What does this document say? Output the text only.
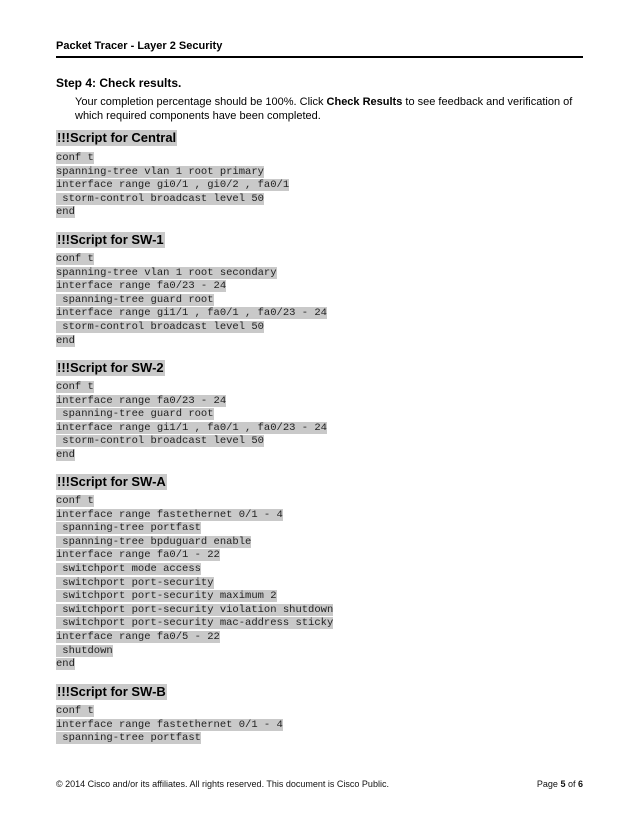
Packet Tracer - Layer 2 Security
Step 4: Check results.
Your completion percentage should be 100%. Click Check Results to see feedback and verification of which required components have been completed.
!!!Script for Central
conf t
spanning-tree vlan 1 root primary
interface range gi0/1 , gi0/2 , fa0/1
storm-control broadcast level 50
end
!!!Script for SW-1
conf t
spanning-tree vlan 1 root secondary
interface range fa0/23 - 24
spanning-tree guard root
interface range gi1/1 , fa0/1 , fa0/23 - 24
storm-control broadcast level 50
end
!!!Script for SW-2
conf t
interface range fa0/23 - 24
spanning-tree guard root
interface range gi1/1 , fa0/1 , fa0/23 - 24
storm-control broadcast level 50
end
!!!Script for SW-A
conf t
interface range fastethernet 0/1 - 4
spanning-tree portfast
spanning-tree bpduguard enable
interface range fa0/1 - 22
switchport mode access
switchport port-security
switchport port-security maximum 2
switchport port-security violation shutdown
switchport port-security mac-address sticky
interface range fa0/5 - 22
shutdown
end
!!!Script for SW-B
conf t
interface range fastethernet 0/1 - 4
spanning-tree portfast
© 2014 Cisco and/or its affiliates. All rights reserved. This document is Cisco Public.	Page 5 of 6
